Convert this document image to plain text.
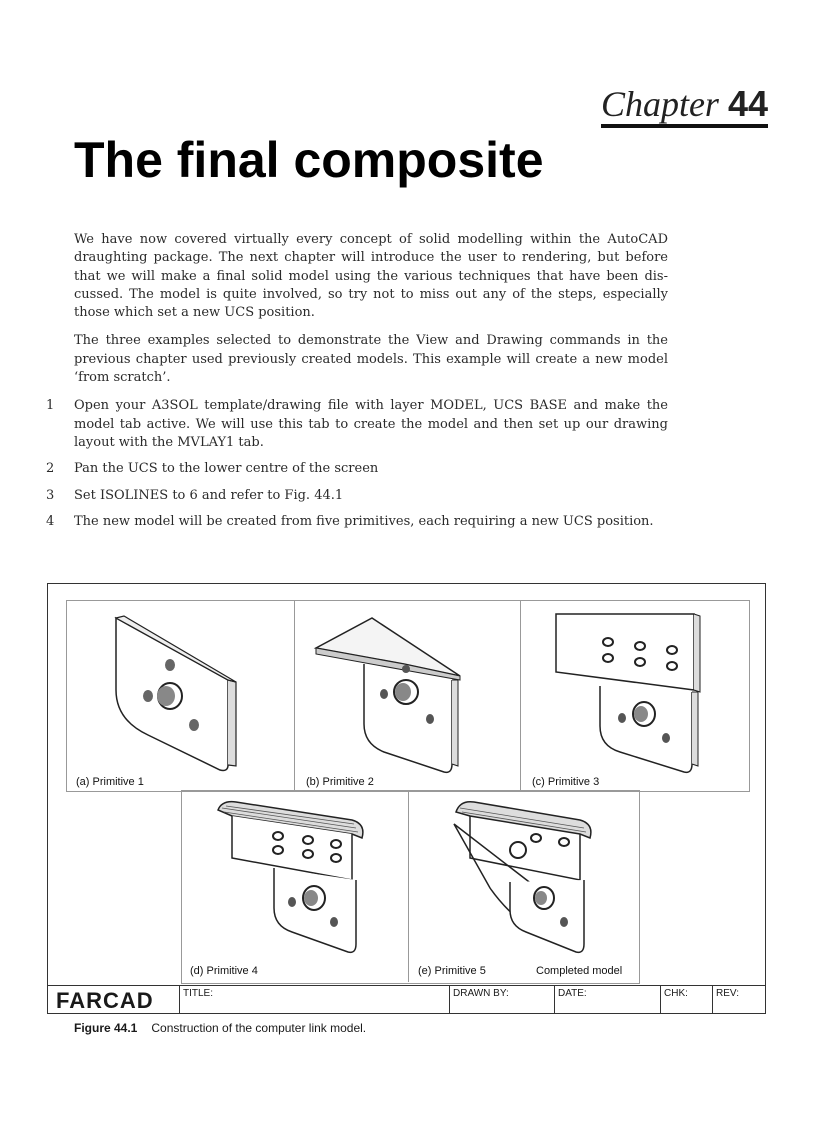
Chapter 44
The final composite

We have now covered virtually every concept of solid modelling within the AutoCAD draughting package. The next chapter will introduce the user to rendering, but before that we will make a final solid model using the various techniques that have been dis-cussed. The model is quite involved, so try not to miss out any of the steps, especially those which set a new UCS position.

The three examples selected to demonstrate the View and Drawing commands in the previous chapter used previously created models. This example will create a new model ‘from scratch’.

1 Open your A3SOL template/drawing file with layer MODEL, UCS BASE and make the model tab active. We will use this tab to create the model and then set up our drawing layout with the MVLAY1 tab.
2 Pan the UCS to the lower centre of the screen
3 Set ISOLINES to 6 and refer to Fig. 44.1
4 The new model will be created from five primitives, each requiring a new UCS position.
(a) Primitive 1	(b) Primitive 2	(c) Primitive 3
(d) Primitive 4	(e) Primitive 5	Completed model
FARCAD	TITLE:	DRAWN BY:	DATE:	CHK:	REV:
Figure 44.1 Construction of the computer link model.
